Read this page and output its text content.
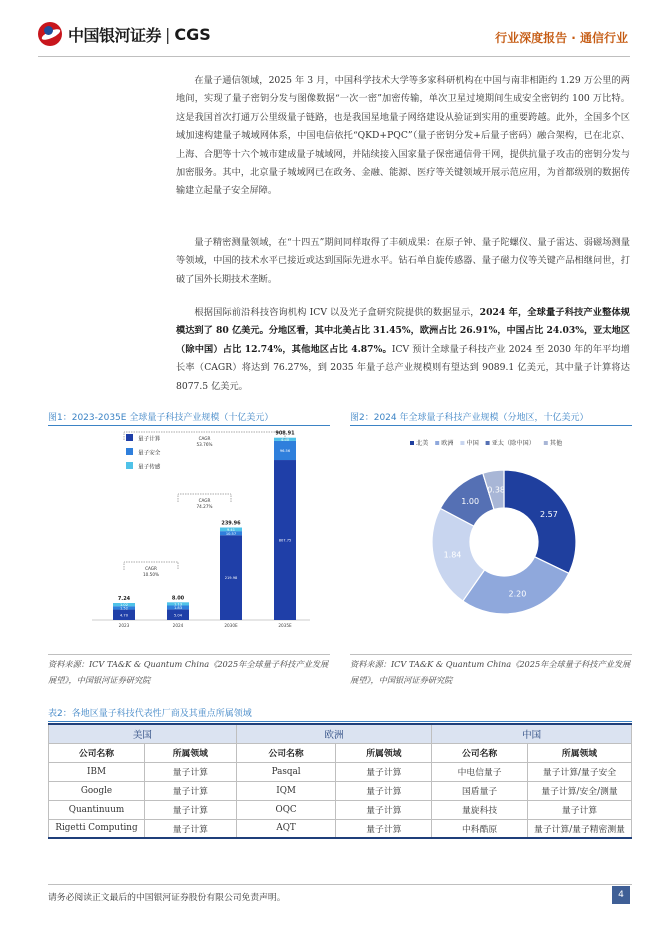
中国银河证券 | CGS	行业深度报告 · 通信行业

在量子通信领域，2025 年 3 月，中国科学技术大学等多家科研机构在中国与南非相距约 1.29 万公里的两地间，实现了量子密钥分发与图像数据“一次一密”加密传输，单次卫星过境期间生成安全密钥约 100 万比特。这是我国首次打通万公里级量子链路，也是我国星地量子网络建设从验证到实用的重要跨越。此外，全国多个区域加速构建量子城域网体系，中国电信依托“QKD+PQC”（量子密钥分发+后量子密码）融合架构，已在北京、上海、合肥等十六个城市建成量子城域网，并陆续接入国家量子保密通信骨干网，提供抗量子攻击的密钥分发与加密服务。其中，北京量子城域网已在政务、金融、能源、医疗等关键领域开展示范应用，为首都级别的数据传输建立起量子安全屏障。

量子精密测量领域，在“十四五”期间同样取得了丰硕成果：在原子钟、量子陀螺仪、量子雷达、弱磁场测量等领域，中国的技术水平已接近或达到国际先进水平。钻石单自旋传感器、量子磁力仪等关键产品相继问世，打破了国外长期技术垄断。

根据国际前沿科技咨询机构 ICV 以及光子盒研究院提供的数据显示，2024 年，全球量子科技产业整体规模达到了 80 亿美元。分地区看，其中北美占比 31.45%，欧洲占比 26.91%，中国占比 24.03%，亚太地区（除中国）占比 12.74%，其他地区占比 4.87%。ICV 预计全球量子科技产业 2024 至 2030 年的年平均增长率（CAGR）将达到 76.27%，到 2035 年量子总产业规模则有望达到 9089.1 亿美元，其中量子计算将达 8077.5 亿美元。

图1：2023-2035E 全球量子科技产业规模（十亿美元）	图2：2024 年全球量子科技产业规模（分地区，十亿美元）
量子计算
量子安全
量子传感
4.70
1.52
1.02
7.24
2023
5.04
1.83
1.13
8.00
2024
219.98
10.57
9.41
239.96
2030E
807.75
96.56
4.60
908.91
2035E
CAGR
10.50%
CAGR
74.27%
CAGR
53.76%	北美 欧洲 中国 亚太（除中国） 其他
2.57
2.20
1.84
1.00
0.38
资料来源：ICV TA&K & Quantum China《2025年全球量子科技产业发展展望》，中国银河证券研究院
资料来源：ICV TA&K & Quantum China《2025年全球量子科技产业发展展望》，中国银河证券研究院
表2：各地区量子科技代表性厂商及其重点所属领域
美国		欧洲		中国	
公司名称	所属领域	公司名称	所属领域	公司名称	所属领域
IBM	量子计算	Pasqal	量子计算	中电信量子	量子计算/量子安全
Google	量子计算	IQM	量子计算	国盾量子	量子计算/安全/测量
Quantinuum	量子计算	OQC	量子计算	量旋科技	量子计算
Rigetti Computing	量子计算	AQT	量子计算	中科酷原	量子计算/量子精密测量
请务必阅读正文最后的中国银河证券股份有限公司免责声明。	4
